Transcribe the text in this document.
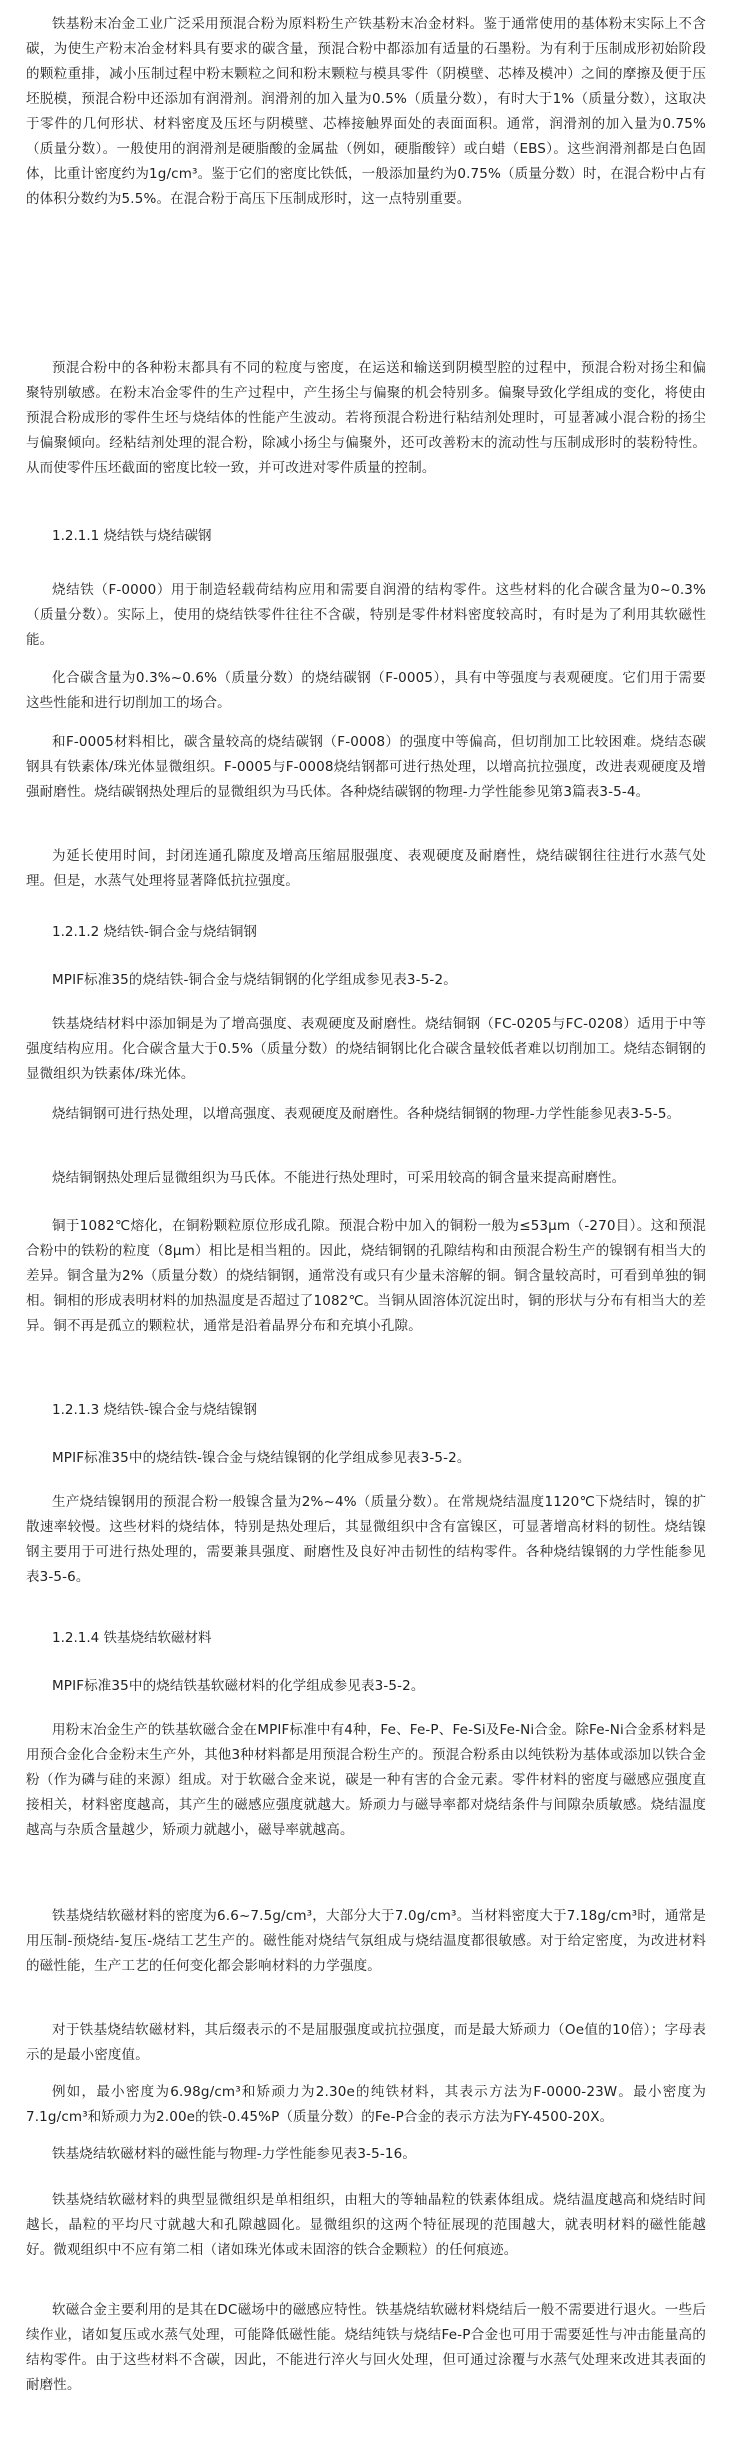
铁基粉末冶金工业广泛采用预混合粉为原料粉生产铁基粉末冶金材料。鉴于通常使用的基体粉末实际上不含碳，为使生产粉末冶金材料具有要求的碳含量，预混合粉中都添加有适量的石墨粉。为有利于压制成形初始阶段的颗粒重排，减小压制过程中粉末颗粒之间和粉末颗粒与模具零件（阴模壁、芯棒及模冲）之间的摩擦及便于压坯脱模，预混合粉中还添加有润滑剂。润滑剂的加入量为0.5%（质量分数），有时大于1%（质量分数），这取决于零件的几何形状、材料密度及压坯与阴模壁、芯棒接触界面处的表面面积。通常，润滑剂的加入量为0.75%（质量分数）。一般使用的润滑剂是硬脂酸的金属盐（例如，硬脂酸锌）或白蜡（EBS）。这些润滑剂都是白色固体，比重计密度约为1g/cm³。鉴于它们的密度比铁低，一般添加量约为0.75%（质量分数）时，在混合粉中占有的体积分数约为5.5%。在混合粉于高压下压制成形时，这一点特别重要。

预混合粉中的各种粉末都具有不同的粒度与密度，在运送和输送到阴模型腔的过程中，预混合粉对扬尘和偏聚特别敏感。在粉末冶金零件的生产过程中，产生扬尘与偏聚的机会特别多。偏聚导致化学组成的变化，将使由预混合粉成形的零件生坯与烧结体的性能产生波动。若将预混合粉进行粘结剂处理时，可显著减小混合粉的扬尘与偏聚倾向。经粘结剂处理的混合粉，除减小扬尘与偏聚外，还可改善粉末的流动性与压制成形时的装粉特性。从而使零件压坯截面的密度比较一致，并可改进对零件质量的控制。

1.2.1.1 烧结铁与烧结碳钢

烧结铁（F-0000）用于制造轻载荷结构应用和需要自润滑的结构零件。这些材料的化合碳含量为0~0.3%（质量分数）。实际上，使用的烧结铁零件往往不含碳，特别是零件材料密度较高时，有时是为了利用其软磁性能。

化合碳含量为0.3%~0.6%（质量分数）的烧结碳钢（F-0005），具有中等强度与表观硬度。它们用于需要这些性能和进行切削加工的场合。

和F-0005材料相比，碳含量较高的烧结碳钢（F-0008）的强度中等偏高，但切削加工比较困难。烧结态碳钢具有铁素体/珠光体显微组织。F-0005与F-0008烧结钢都可进行热处理，以增高抗拉强度，改进表观硬度及增强耐磨性。烧结碳钢热处理后的显微组织为马氏体。各种烧结碳钢的物理-力学性能参见第3篇表3-5-4。

为延长使用时间，封闭连通孔隙度及增高压缩屈服强度、表观硬度及耐磨性，烧结碳钢往往进行水蒸气处理。但是，水蒸气处理将显著降低抗拉强度。

1.2.1.2 烧结铁-铜合金与烧结铜钢

MPIF标准35的烧结铁-铜合金与烧结铜钢的化学组成参见表3-5-2。

铁基烧结材料中添加铜是为了增高强度、表观硬度及耐磨性。烧结铜钢（FC-0205与FC-0208）适用于中等强度结构应用。化合碳含量大于0.5%（质量分数）的烧结铜钢比化合碳含量较低者难以切削加工。烧结态铜钢的显微组织为铁素体/珠光体。

烧结铜钢可进行热处理，以增高强度、表观硬度及耐磨性。各种烧结铜钢的物理-力学性能参见表3-5-5。

烧结铜钢热处理后显微组织为马氏体。不能进行热处理时，可采用较高的铜含量来提高耐磨性。

铜于1082℃熔化，在铜粉颗粒原位形成孔隙。预混合粉中加入的铜粉一般为≤53μm（-270目）。这和预混合粉中的铁粉的粒度（8μm）相比是相当粗的。因此，烧结铜钢的孔隙结构和由预混合粉生产的镍钢有相当大的差异。铜含量为2%（质量分数）的烧结铜钢，通常没有或只有少量未溶解的铜。铜含量较高时，可看到单独的铜相。铜相的形成表明材料的加热温度是否超过了1082℃。当铜从固溶体沉淀出时，铜的形状与分布有相当大的差异。铜不再是孤立的颗粒状，通常是沿着晶界分布和充填小孔隙。

1.2.1.3 烧结铁-镍合金与烧结镍钢

MPIF标准35中的烧结铁-镍合金与烧结镍钢的化学组成参见表3-5-2。

生产烧结镍钢用的预混合粉一般镍含量为2%~4%（质量分数）。在常规烧结温度1120℃下烧结时，镍的扩散速率较慢。这些材料的烧结体，特别是热处理后，其显微组织中含有富镍区，可显著增高材料的韧性。烧结镍钢主要用于可进行热处理的，需要兼具强度、耐磨性及良好冲击韧性的结构零件。各种烧结镍钢的力学性能参见表3-5-6。

1.2.1.4 铁基烧结软磁材料

MPIF标准35中的烧结铁基软磁材料的化学组成参见表3-5-2。

用粉末冶金生产的铁基软磁合金在MPIF标准中有4种，Fe、Fe-P、Fe-Si及Fe-Ni合金。除Fe-Ni合金系材料是用预合金化合金粉末生产外，其他3种材料都是用预混合粉生产的。预混合粉系由以纯铁粉为基体或添加以铁合金粉（作为磷与硅的来源）组成。对于软磁合金来说，碳是一种有害的合金元素。零件材料的密度与磁感应强度直接相关，材料密度越高，其产生的磁感应强度就越大。矫顽力与磁导率都对烧结条件与间隙杂质敏感。烧结温度越高与杂质含量越少，矫顽力就越小，磁导率就越高。

铁基烧结软磁材料的密度为6.6~7.5g/cm³，大部分大于7.0g/cm³。当材料密度大于7.18g/cm³时，通常是用压制-预烧结-复压-烧结工艺生产的。磁性能对烧结气氛组成与烧结温度都很敏感。对于给定密度，为改进材料的磁性能，生产工艺的任何变化都会影响材料的力学强度。

对于铁基烧结软磁材料，其后缀表示的不是屈服强度或抗拉强度，而是最大矫顽力（Oe值的10倍）；字母表示的是最小密度值。

例如，最小密度为6.98g/cm³和矫顽力为2.30e的纯铁材料，其表示方法为F-0000-23W。最小密度为7.1g/cm³和矫顽力为2.00e的铁-0.45%P（质量分数）的Fe-P合金的表示方法为FY-4500-20X。

铁基烧结软磁材料的磁性能与物理-力学性能参见表3-5-16。

铁基烧结软磁材料的典型显微组织是单相组织，由粗大的等轴晶粒的铁素体组成。烧结温度越高和烧结时间越长，晶粒的平均尺寸就越大和孔隙越圆化。显微组织的这两个特征展现的范围越大，就表明材料的磁性能越好。微观组织中不应有第二相（诸如珠光体或未固溶的铁合金颗粒）的任何痕迹。

软磁合金主要利用的是其在DC磁场中的磁感应特性。铁基烧结软磁材料烧结后一般不需要进行退火。一些后续作业，诸如复压或水蒸气处理，可能降低磁性能。烧结纯铁与烧结Fe-P合金也可用于需要延性与冲击能量高的结构零件。由于这些材料不含碳，因此，不能进行淬火与回火处理，但可通过涂覆与水蒸气处理来改进其表面的耐磨性。
